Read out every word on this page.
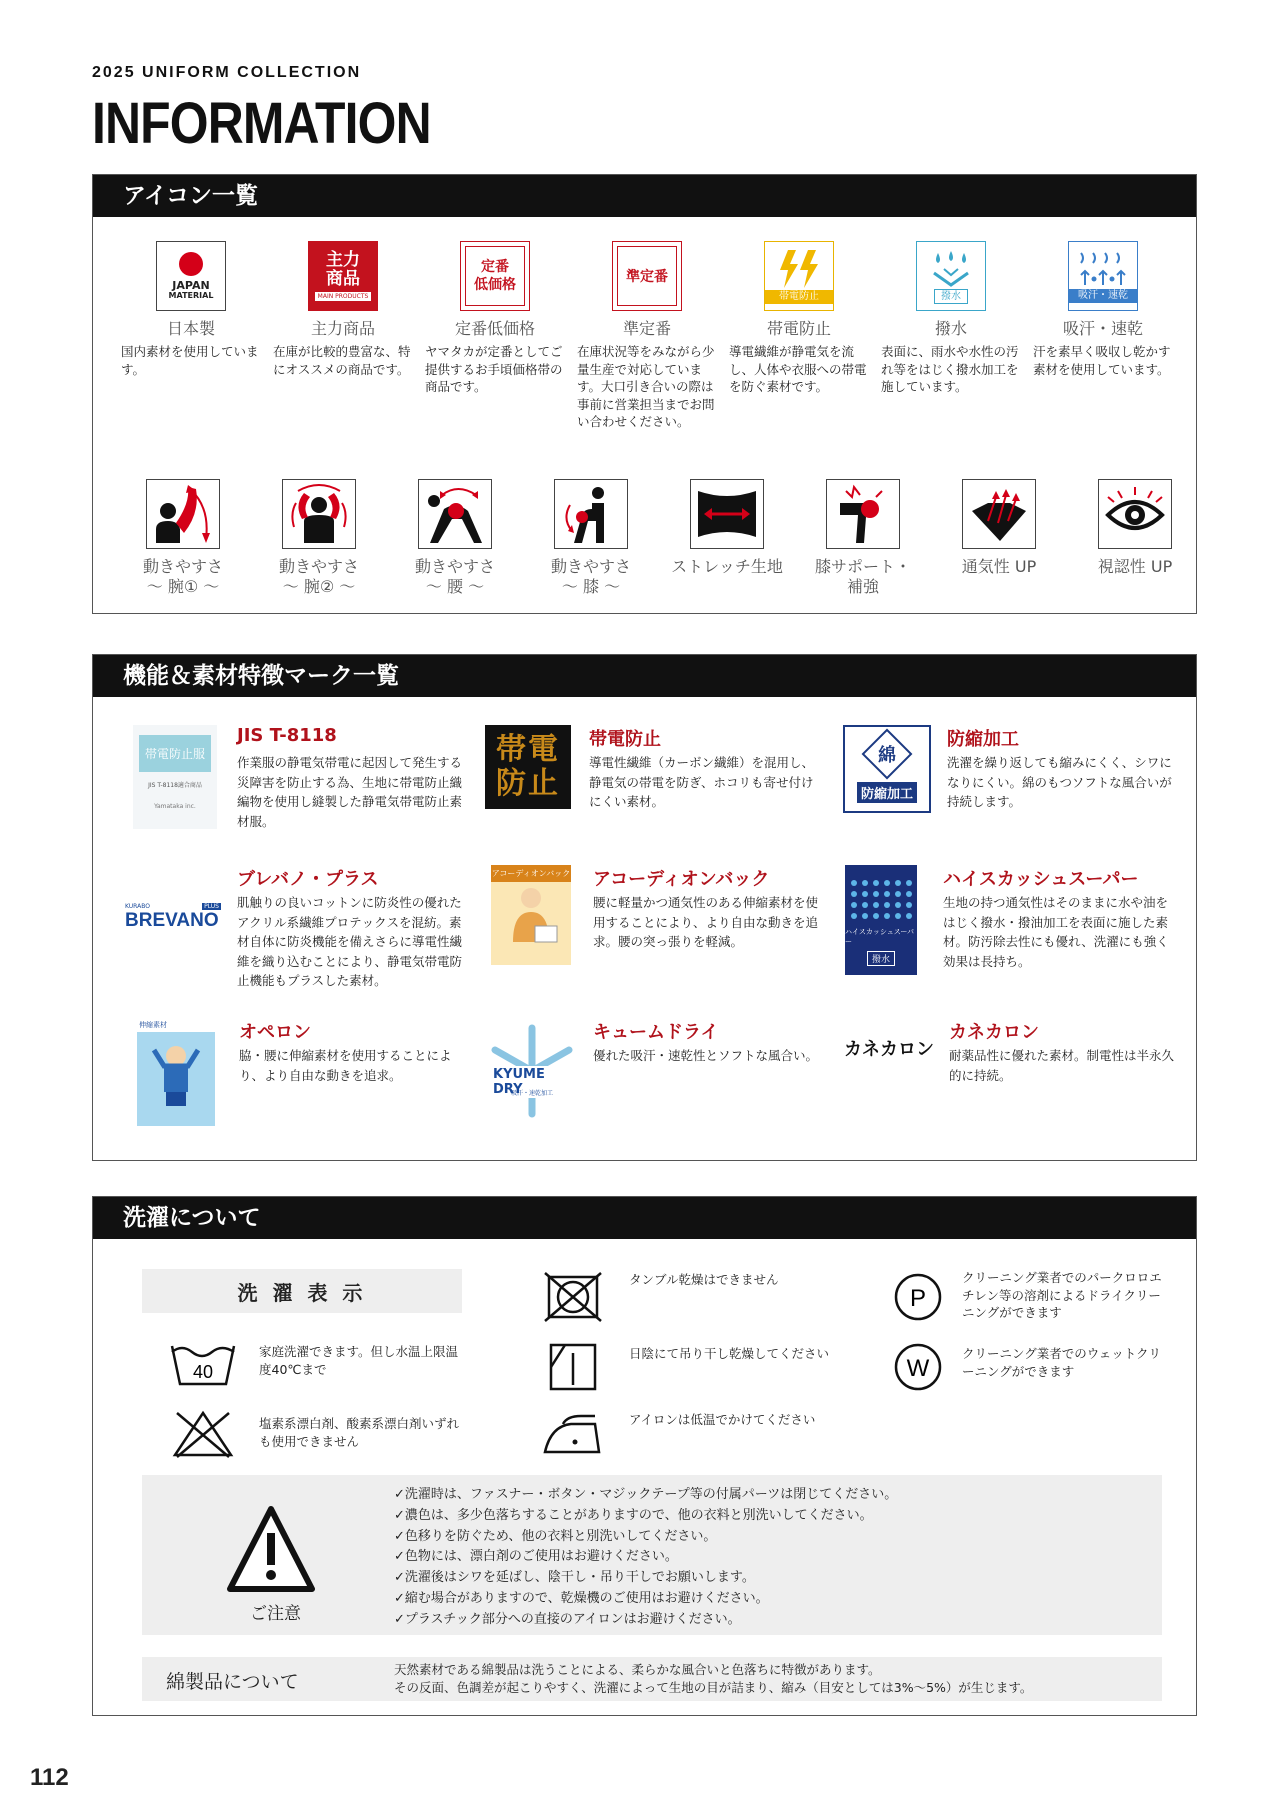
2025 UNIFORM COLLECTION
INFORMATION
アイコン一覧
JAPAN
MATERIAL
日本製
国内素材を使用しています。
主力
商品
MAIN PRODUCTS
主力商品
在庫が比較的豊富な、特にオススメの商品です。
定番
低価格
定番低価格
ヤマタカが定番としてご提供するお手頃価格帯の商品です。
準定番
準定番
在庫状況等をみながら少量生産で対応しています。大口引き合いの際は事前に営業担当までお問い合わせください。
帯電防止
帯電防止
導電繊維が静電気を流し、人体や衣服への帯電を防ぐ素材です。
撥水
撥水
表面に、雨水や水性の汚れ等をはじく撥水加工を施しています。
吸汗・速乾
吸汗・速乾
汗を素早く吸収し乾かす素材を使用しています。
動きやすさ
〜 腕① 〜
動きやすさ
〜 腕② 〜
動きやすさ
〜 腰 〜
動きやすさ
〜 膝 〜
ストレッチ生地	膝サポート・
補強
通気性 UP	視認性 UP

機能＆素材特徴マーク一覧
帯電防止服
JIS T-8118適合商品
Yamataka inc.
JIS T-8118
作業服の静電気帯電に起因して発生する災障害を防止する為、生地に帯電防止織編物を使用し縫製した静電気帯電防止素材服。
帯電防止
帯電防止
導電性繊維（カーボン繊維）を混用し、静電気の帯電を防ぎ、ホコリも寄せ付けにくい素材。
綿
防縮加工
防縮加工
洗濯を繰り返しても縮みにくく、シワになりにくい。綿のもつソフトな風合いが持続します。
KURABO	PLUS
BREVANO
ブレバノ・プラス
肌触りの良いコットンに防炎性の優れたアクリル系繊維プロテックスを混紡。素材自体に防炎機能を備えさらに導電性繊維を織り込むことにより、静電気帯電防止機能もプラスした素材。
アコーディオンバック アコーディオンバック
腰に軽量かつ通気性のある伸縮素材を使用することにより、より自由な動きを追求。腰の突っ張りを軽減。
ハイスカッシュスーパー
撥水
ハイスカッシュスーパー
生地の持つ通気性はそのままに水や油をはじく撥水・撥油加工を表面に施した素材。防汚除去性にも優れ、洗濯にも強く効果は長持ち。
伸縮素材	オペロン
脇・腰に伸縮素材を使用することにより、より自由な動きを追求。	KYUME DRY
吸汗・速乾加工
キュームドライ
優れた吸汗・速乾性とソフトな風合い。 カネカロン
カネカロン
耐薬品性に優れた素材。制電性は半永久的に持続。
洗濯について
洗 濯 表 示
40
家庭洗濯できます。但し水温上限温度40℃まで
塩素系漂白剤、酸素系漂白剤いずれも使用できません
タンブル乾燥はできません
日陰にて吊り干し乾燥してください
アイロンは低温でかけてください
P
クリーニング業者でのパークロロエチレン等の溶剤によるドライクリーニングができます
W
クリーニング業者でのウェットクリーニングができます
ご注意
✓洗濯時は、ファスナー・ボタン・マジックテープ等の付属パーツは閉じてください。
✓濃色は、多少色落ちすることがありますので、他の衣料と別洗いしてください。
✓色移りを防ぐため、他の衣料と別洗いしてください。
✓色物には、漂白剤のご使用はお避けください。
✓洗濯後はシワを延ばし、陰干し・吊り干しでお願いします。
✓縮む場合がありますので、乾燥機のご使用はお避けください。
✓プラスチック部分への直接のアイロンはお避けください。
綿製品について
天然素材である綿製品は洗うことによる、柔らかな風合いと色落ちに特徴があります。
その反面、色調差が起こりやすく、洗濯によって生地の目が詰まり、縮み（目安としては3%〜5%）が生じます。
112
